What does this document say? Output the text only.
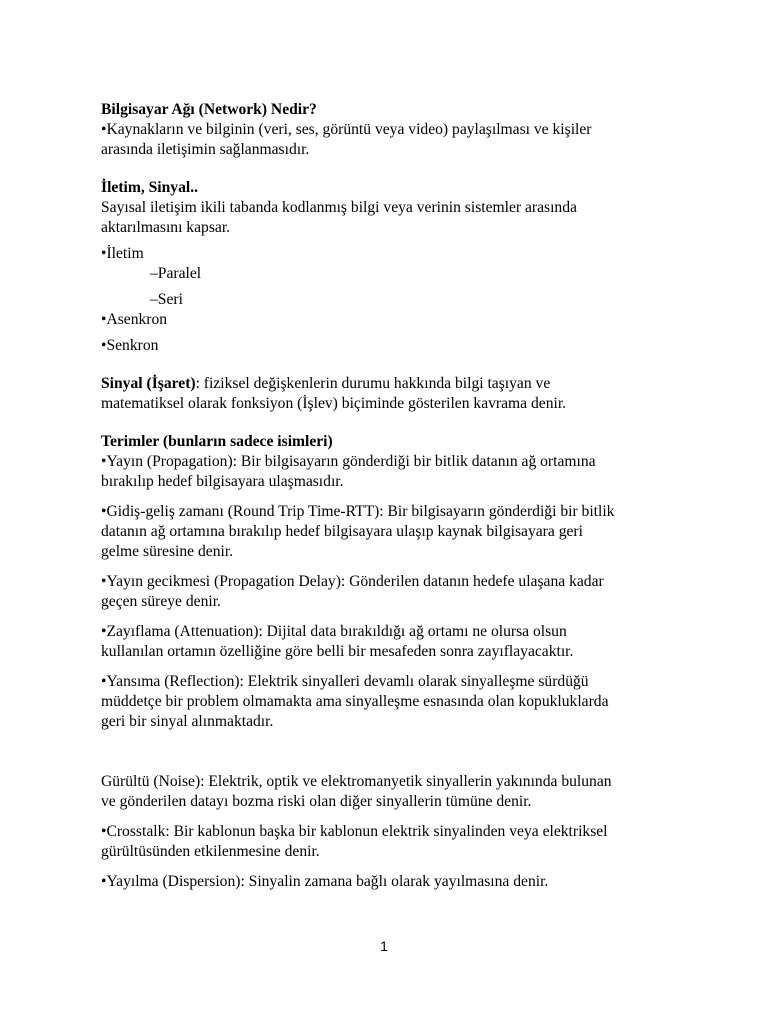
Bilgisayar Ağı (Network) Nedir?

•Kaynakların ve bilginin (veri, ses, görüntü veya video) paylaşılması ve kişiler

arasında iletişimin sağlanmasıdır.

İletim, Sinyal..

Sayısal iletişim ikili tabanda kodlanmış bilgi veya verinin sistemler arasında

aktarılmasını kapsar.

•İletim

–Paralel

–Seri

•Asenkron

•Senkron

Sinyal (İşaret): fiziksel değişkenlerin durumu hakkında bilgi taşıyan ve

matematiksel olarak fonksiyon (İşlev) biçiminde gösterilen kavrama denir.

Terimler (bunların sadece isimleri)

•Yayın (Propagation): Bir bilgisayarın gönderdiği bir bitlik datanın ağ ortamına

bırakılıp hedef bilgisayara ulaşmasıdır.

•Gidiş-geliş zamanı (Round Trip Time-RTT): Bir bilgisayarın gönderdiği bir bitlik

datanın ağ ortamına bırakılıp hedef bilgisayara ulaşıp kaynak bilgisayara geri

gelme süresine denir.

•Yayın gecikmesi (Propagation Delay): Gönderilen datanın hedefe ulaşana kadar

geçen süreye denir.

•Zayıflama (Attenuation): Dijital data bırakıldığı ağ ortamı ne olursa olsun

kullanılan ortamın özelliğine göre belli bir mesafeden sonra zayıflayacaktır.

•Yansıma (Reflection): Elektrik sinyalleri devamlı olarak sinyalleşme sürdüğü

müddetçe bir problem olmamakta ama sinyalleşme esnasında olan kopukluklarda

geri bir sinyal alınmaktadır.

Gürültü (Noise): Elektrik, optik ve elektromanyetik sinyallerin yakınında bulunan

ve gönderilen datayı bozma riski olan diğer sinyallerin tümüne denir.

•Crosstalk: Bir kablonun başka bir kablonun elektrik sinyalinden veya elektriksel

gürültüsünden etkilenmesine denir.

•Yayılma (Dispersion): Sinyalin zamana bağlı olarak yayılmasına denir.

1
